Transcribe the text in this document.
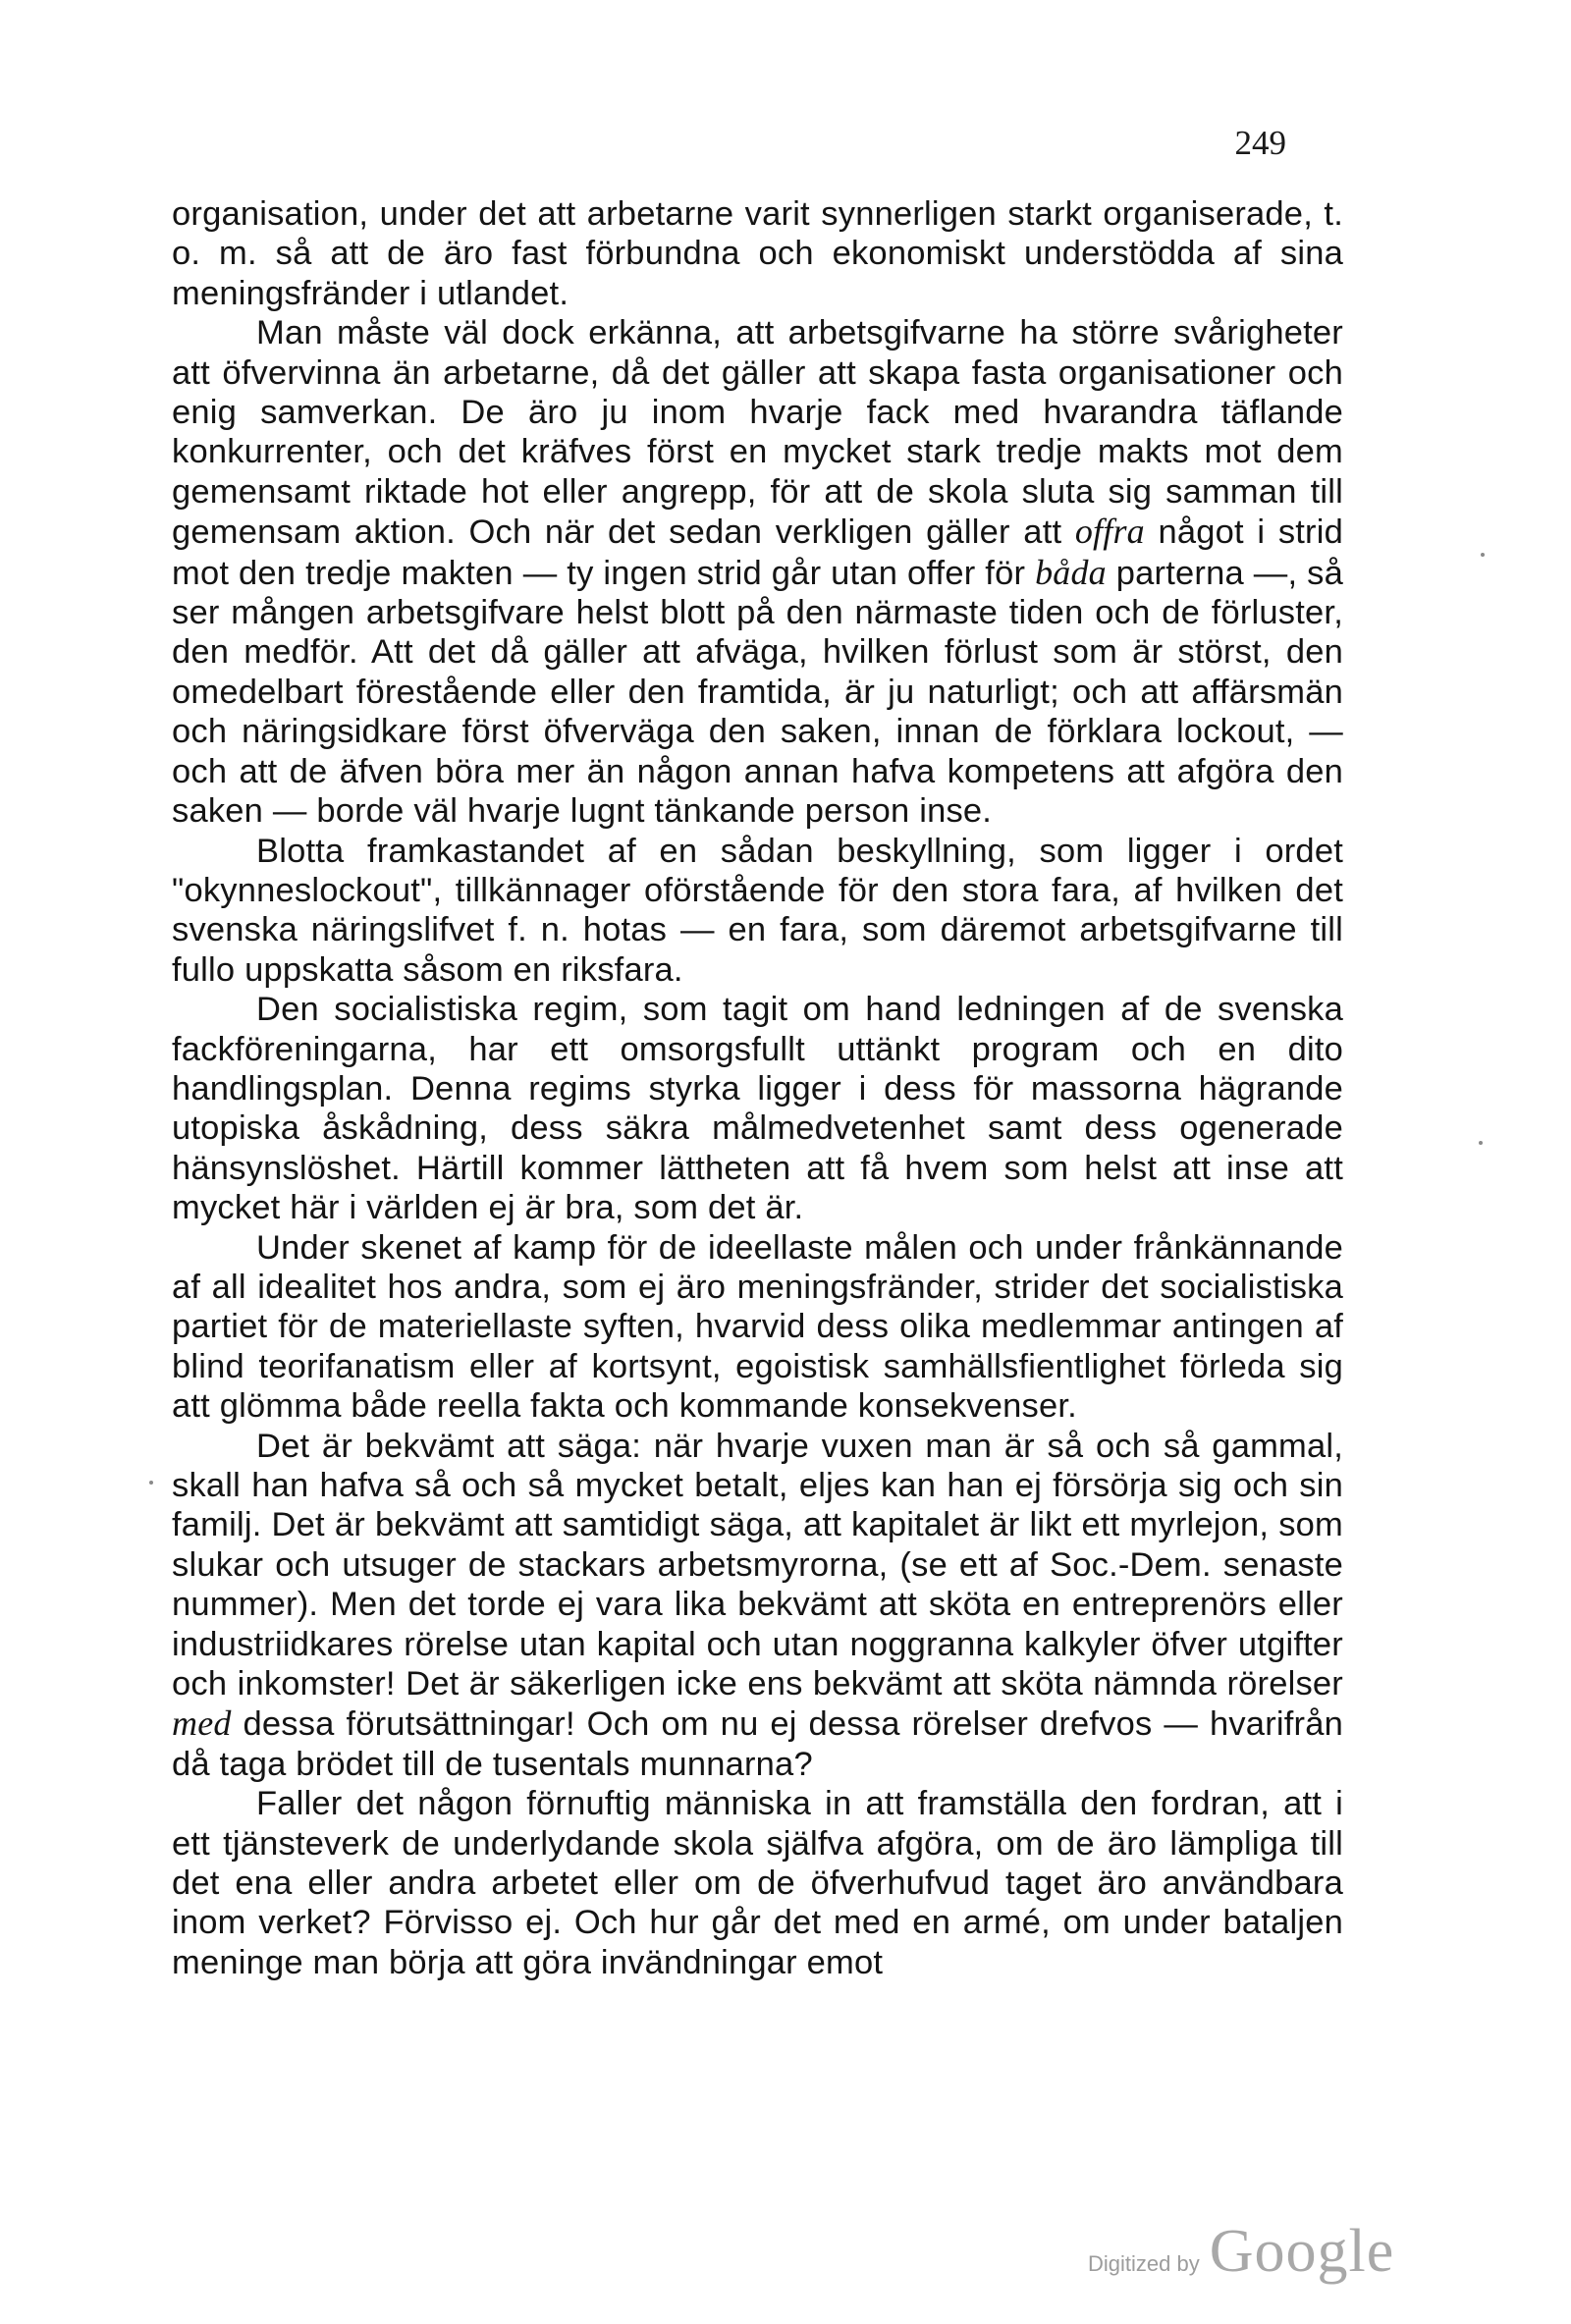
249

organisation, under det att arbetarne varit synnerligen starkt organiserade, t. o. m. så att de äro fast förbundna och ekonomiskt understödda af sina meningsfränder i utlandet.

Man måste väl dock erkänna, att arbetsgifvarne ha större svårigheter att öfvervinna än arbetarne, då det gäller att skapa fasta organisationer och enig samverkan. De äro ju inom hvarje fack med hvarandra täflande konkurrenter, och det kräfves först en mycket stark tredje makts mot dem gemensamt riktade hot eller angrepp, för att de skola sluta sig samman till gemensam aktion. Och när det sedan verkligen gäller att offra något i strid mot den tredje makten — ty ingen strid går utan offer för båda parterna —, så ser mången arbetsgifvare helst blott på den närmaste tiden och de förluster, den medför. Att det då gäller att afväga, hvilken förlust som är störst, den omedelbart förestående eller den framtida, är ju naturligt; och att affärsmän och näringsidkare först öfverväga den saken, innan de förklara lockout, — och att de äfven böra mer än någon annan hafva kompetens att afgöra den saken — borde väl hvarje lugnt tänkande person inse.

Blotta framkastandet af en sådan beskyllning, som ligger i ordet "okynneslockout", tillkännager oförstående för den stora fara, af hvilken det svenska näringslifvet f. n. hotas — en fara, som däremot arbetsgifvarne till fullo uppskatta såsom en riksfara.

Den socialistiska regim, som tagit om hand ledningen af de svenska fackföreningarna, har ett omsorgsfullt uttänkt program och en dito handlingsplan. Denna regims styrka ligger i dess för massorna hägrande utopiska åskådning, dess säkra målmedvetenhet samt dess ogenerade hänsynslöshet. Härtill kommer lättheten att få hvem som helst att inse att mycket här i världen ej är bra, som det är.

Under skenet af kamp för de ideellaste målen och under frånkännande af all idealitet hos andra, som ej äro meningsfränder, strider det socialistiska partiet för de materiellaste syften, hvarvid dess olika medlemmar antingen af blind teorifanatism eller af kortsynt, egoistisk samhällsfientlighet förleda sig att glömma både reella fakta och kommande konsekvenser.

Det är bekvämt att säga: när hvarje vuxen man är så och så gammal, skall han hafva så och så mycket betalt, eljes kan han ej försörja sig och sin familj. Det är bekvämt att samtidigt säga, att kapitalet är likt ett myrlejon, som slukar och utsuger de stackars arbetsmyrorna, (se ett af Soc.-Dem. senaste nummer). Men det torde ej vara lika bekvämt att sköta en entreprenörs eller industriidkares rörelse utan kapital och utan noggranna kalkyler öfver utgifter och inkomster! Det är säkerligen icke ens bekvämt att sköta nämnda rörelser med dessa förutsättningar! Och om nu ej dessa rörelser drefvos — hvarifrån då taga brödet till de tusentals munnarna?

Faller det någon förnuftig människa in att framställa den fordran, att i ett tjänsteverk de underlydande skola själfva afgöra, om de äro lämpliga till det ena eller andra arbetet eller om de öfverhufvud taget äro användbara inom verket? Förvisso ej. Och hur går det med en armé, om under bataljen meninge man börja att göra invändningar emot

Digitized by Google
